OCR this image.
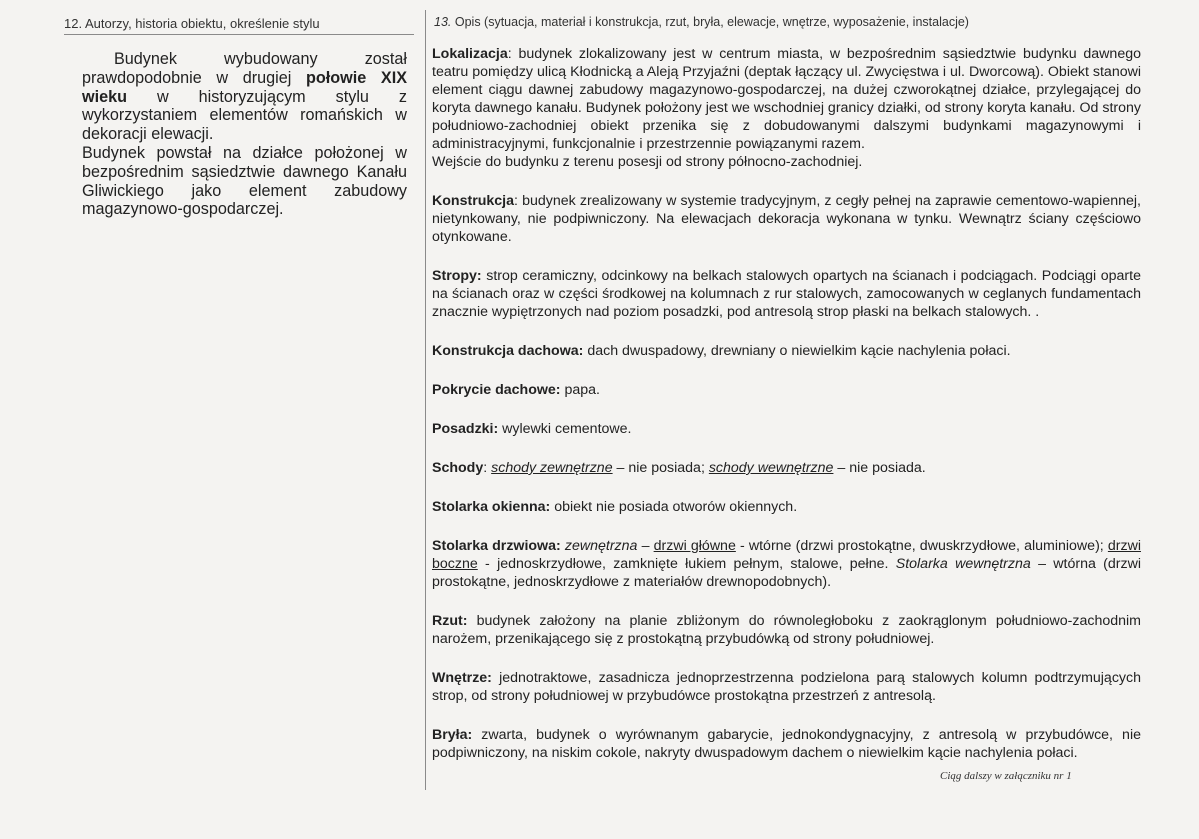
12. Autorzy, historia obiektu, określenie stylu	13. Opis (sytuacja, materiał i konstrukcja, rzut, bryła, elewacje, wnętrze, wyposażenie, instalacje)

Budynek wybudowany został prawdopodobnie w drugiej połowie XIX wieku w historyzującym stylu z wykorzystaniem elementów romańskich w dekoracji elewacji.

Budynek powstał na działce położonej w bezpośrednim sąsiedztwie dawnego Kanału Gliwickiego jako element zabudowy magazynowo-gospodarczej.

Lokalizacja: budynek zlokalizowany jest w centrum miasta, w bezpośrednim sąsiedztwie budynku dawnego teatru pomiędzy ulicą Kłodnicką a Aleją Przyjaźni (deptak łączący ul. Zwycięstwa i ul. Dworcową). Obiekt stanowi element ciągu dawnej zabudowy magazynowo-gospodarczej, na dużej czworokątnej działce, przylegającej do koryta dawnego kanału. Budynek położony jest we wschodniej granicy działki, od strony koryta kanału. Od strony południowo-zachodniej obiekt przenika się z dobudowanymi dalszymi budynkami magazynowymi i administracyjnymi, funkcjonalnie i przestrzennie powiązanymi razem.
Wejście do budynku z terenu posesji od strony północno-zachodniej.
Konstrukcja: budynek zrealizowany w systemie tradycyjnym, z cegły pełnej na zaprawie cementowo-wapiennej, nietynkowany, nie podpiwniczony. Na elewacjach dekoracja wykonana w tynku. Wewnątrz ściany częściowo otynkowane.
Stropy: strop ceramiczny, odcinkowy na belkach stalowych opartych na ścianach i podciągach. Podciągi oparte na ścianach oraz w części środkowej na kolumnach z rur stalowych, zamocowanych w ceglanych fundamentach znacznie wypiętrzonych nad poziom posadzki, pod antresolą strop płaski na belkach stalowych. .
Konstrukcja dachowa: dach dwuspadowy, drewniany o niewielkim kącie nachylenia połaci.
Pokrycie dachowe: papa.
Posadzki: wylewki cementowe.
Schody: schody zewnętrzne – nie posiada; schody wewnętrzne – nie posiada.
Stolarka okienna: obiekt nie posiada otworów okiennych.
Stolarka drzwiowa: zewnętrzna – drzwi główne - wtórne (drzwi prostokątne, dwuskrzydłowe, aluminiowe); drzwi boczne - jednoskrzydłowe, zamknięte łukiem pełnym, stalowe, pełne. Stolarka wewnętrzna – wtórna (drzwi prostokątne, jednoskrzydłowe z materiałów drewnopodobnych).
Rzut: budynek założony na planie zbliżonym do równoległoboku z zaokrąglonym południowo-zachodnim narożem, przenikającego się z prostokątną przybudówką od strony południowej.
Wnętrze: jednotraktowe, zasadnicza jednoprzestrzenna podzielona parą stalowych kolumn podtrzymujących strop, od strony południowej w przybudówce prostokątna przestrzeń z antresolą.
Bryła: zwarta, budynek o wyrównanym gabarycie, jednokondygnacyjny, z antresolą w przybudówce, nie podpiwniczony, na niskim cokole, nakryty dwuspadowym dachem o niewielkim kącie nachylenia połaci.
Ciąg dalszy w załączniku nr 1
